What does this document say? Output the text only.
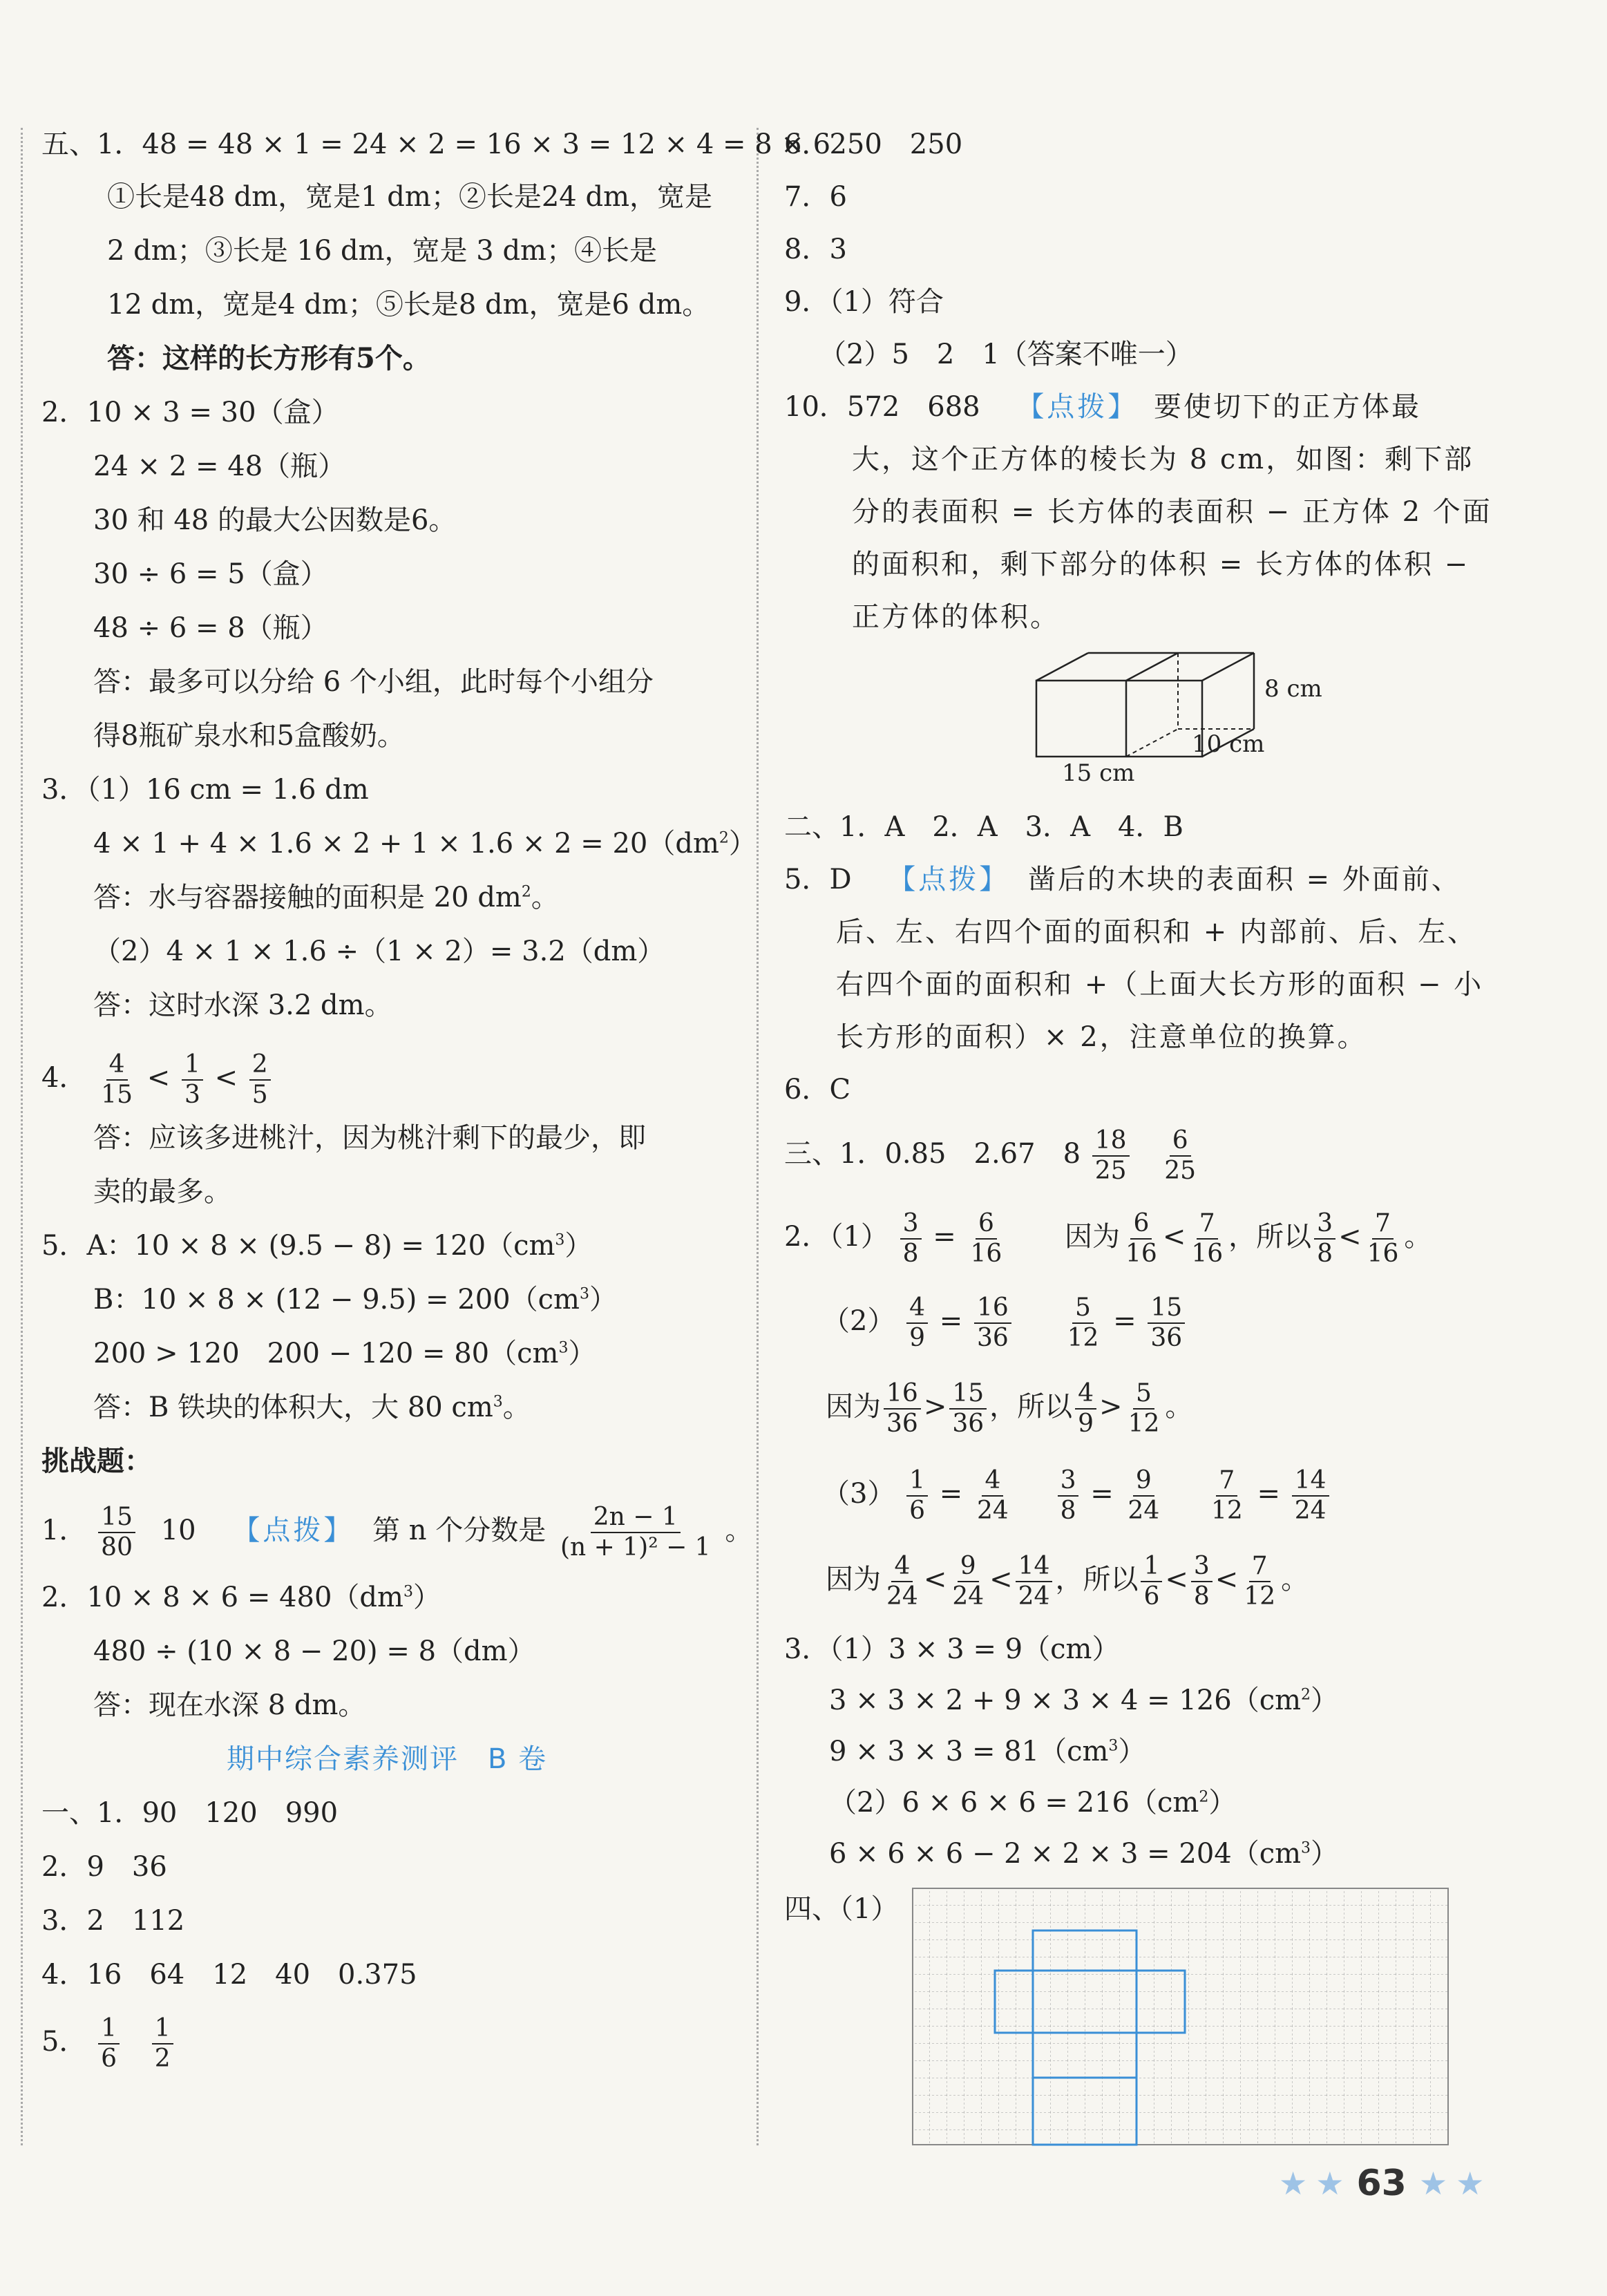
五、1．48 = 48 × 1 = 24 × 2 = 16 × 3 = 12 × 4 = 8 × 6
①长是48 dm，宽是1 dm；②长是24 dm，宽是
2 dm；③长是 16 dm，宽是 3 dm；④长是
12 dm，宽是4 dm；⑤长是8 dm，宽是6 dm。
答：这样的长方形有5个。
2．10 × 3 = 30（盒）
24 × 2 = 48（瓶）
30 和 48 的最大公因数是6。
30 ÷ 6 = 5（盒）
48 ÷ 6 = 8（瓶）
答：最多可以分给 6 个小组，此时每个小组分
得8瓶矿泉水和5盒酸奶。
3．（1）16 cm = 1.6 dm
$4 \times 1 + 4 \times 1.6 \times 2 + 1 \times 1.6 \times 2 = 20(dm^2)$
答：水与容器接触的面积是 20 $dm^2$。
（2）4 × 1 × 1.6 ÷（1 × 2）= 3.2（dm）
答：这时水深 3.2 dm。
4． $\frac{4}{15} < \frac{1}{3} < \frac{2}{5}$
答：应该多进桃汁，因为桃汁剩下的最少，即
卖的最多。
5．A：$10 \times 8 \times (9.5 - 8) = 120(cm^3)$
B：$10 \times 8 \times (12 - 9.5) = 200(cm^3)$
200 > 120　$200 - 120 = 80(cm^3)$
答：B 铁块的体积大，大 80 $cm^3$。
挑战题：
1． $\frac{15}{80} 10$ 【点拨】 第 n 个分数是 $\frac{2n - 1}{\text{(n + 1)² − 1}}$ 。
2．$10 \times 8 \times 6 = 480(dm^3)$
480 ÷ (10 × 8 − 20) = 8（dm）
答：现在水深 8 dm。
期中综合素养测评　B 卷
一、1．90　120　990
2．9　36
3．2　112
4．16　64　12　40　0.375
5． $\frac{1}{6}$
$\frac{1}{2}$
6．250　250
7．6
8．3
9．（1）符合
（2）5　2　1（答案不唯一）
10．572　688 【点拨】 要使切下的正方体最
大，这个正方体的棱长为 8 cm，如图：剩下部
分的表面积 = 长方体的表面积 − 正方体 2 个面
的面积和，剩下部分的体积 = 长方体的体积 −
正方体的体积。
8 cm
10 cm
15 cm
二、1．A　2．A　3．A　4．B
5．D 【点拨】 凿后的木块的表面积 = 外面前、
后、左、右四个面的面积和 + 内部前、后、左、
右四个面的面积和 +（上面大长方形的面积 − 小
长方形的面积）× 2，注意单位的换算。
6．C
三、1．0.85　2.67　$8 \frac{18}{25}$
$\frac{6}{25}$
2．$(1) \frac{3}{8} = \frac{6}{16}$ 因为 $\frac{6}{16} < \frac{7}{16}$ ，所以 $\frac{3}{8} < \frac{7}{16}$ 。
$(2) \frac{4}{9} = \frac{16}{36}$
$\frac{5}{12} = \frac{15}{36}$
因为 $\frac{16}{36} > \frac{15}{36}$ ，所以 $\frac{4}{9} > \frac{5}{12}$ 。
$(3) \frac{1}{6} = \frac{4}{24}$
$\frac{3}{8} = \frac{9}{24}$
$\frac{7}{12} = \frac{14}{24}$
因为 $\frac{4}{24} < \frac{9}{24} < \frac{14}{24}$ ，所以 $\frac{1}{6} < \frac{3}{8} < \frac{7}{12}$ 。
3．（1）3 × 3 = 9（cm）
$3 \times 3 \times 2 + 9 \times 3 \times 4 = 126(cm^2)$
$9 \times 3 \times 3 = 81(cm^3)$
$(2)6 \times 6 \times 6 = 216(cm^2)$
$6 \times 6 \times 6 - 2 \times 2 \times 3 = 204(cm^3)$
四、（1）
★ ★ 63 ★ ★
